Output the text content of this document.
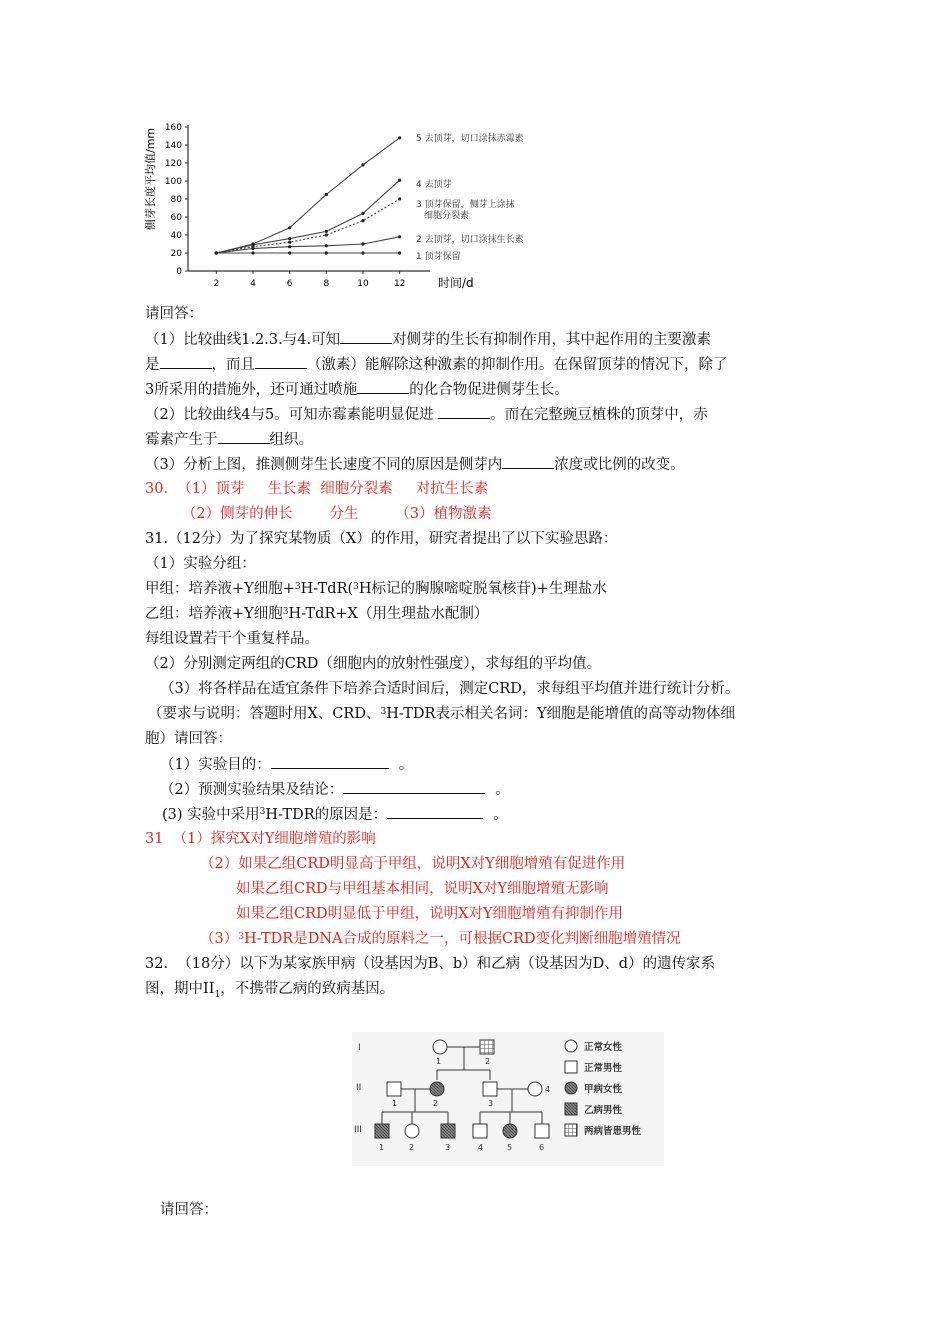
0
20
40
60
80
100
120
140
160
2	4	6	8	10	12	时间/d
侧芽长度平均值/mm	5 去顶芽，切口涂抹赤霉素
4 去顶芽
3 顶芽保留，侧芽上涂抹
细胞分裂素
2 去顶芽，切口涂抹生长素
1 顶芽保留
请回答：
（1）比较曲线1.2.3.与4.可知	对侧芽的生长有抑制作用，其中起作用的主要激素
是	，而且	（激素）能解除这种激素的抑制作用。在保留顶芽的情况下，除了
3所采用的措施外，还可通过喷施	的化合物促进侧芽生长。
（2）比较曲线4与5。可知赤霉素能明显促进	。而在完整豌豆植株的顶芽中，赤
霉素产生于	组织。
（3）分析上图，推测侧芽生长速度不同的原因是侧芽内	浓度或比例的改变。
30.  （1）顶芽     生长素  细胞分裂素     对抗生长素
（2）侧芽的伸长        分生        （3）植物激素
31.（12分）为了探究某物质（X）的作用，研究者提出了以下实验思路：
（1）实验分组：
甲组：培养液+Y细胞+$^3$H-TdR($^3$H标记的胸腺嘧啶脱氧核苷)+生理盐水
乙组：培养液+Y细胞$^3$H-TdR+X（用生理盐水配制）
每组设置若干个重复样品。
（2）分别测定两组的CRD（细胞内的放射性强度），求每组的平均值。
（3）将各样品在适宜条件下培养合适时间后，测定CRD，求每组平均值并进行统计分析。
（要求与说明：答题时用X、CRD、$^3$H-TDR表示相关名词：Y细胞是能增值的高等动物体细
胞）请回答：
（1）实验目的：	。
（2）预测实验结果及结论：	。
(3) 实验中采用$^3$H-TDR的原因是：	。
31  （1）探究X对Y细胞增殖的影响
（2）如果乙组CRD明显高于甲组，说明X对Y细胞增殖有促进作用
如果乙组CRD与甲组基本相同，说明X对Y细胞增殖无影响
如果乙组CRD明显低于甲组，说明X对Y细胞增殖有抑制作用
$(3)^3H$-TDR是DNA合成的原料之一，可根据CRD变化判断细胞增殖情况
32.  （18分）以下为某家族甲病（设基因为B、b）和乙病（设基因为D、d）的遗传家系
图，期中$II_1$，不携带乙病的致病基因。
I
II
III
1	2
1	2	3
4
1	2	3	4	5	6
正常女性
正常男性
甲病女性
乙病男性
两病皆患男性
请回答：
